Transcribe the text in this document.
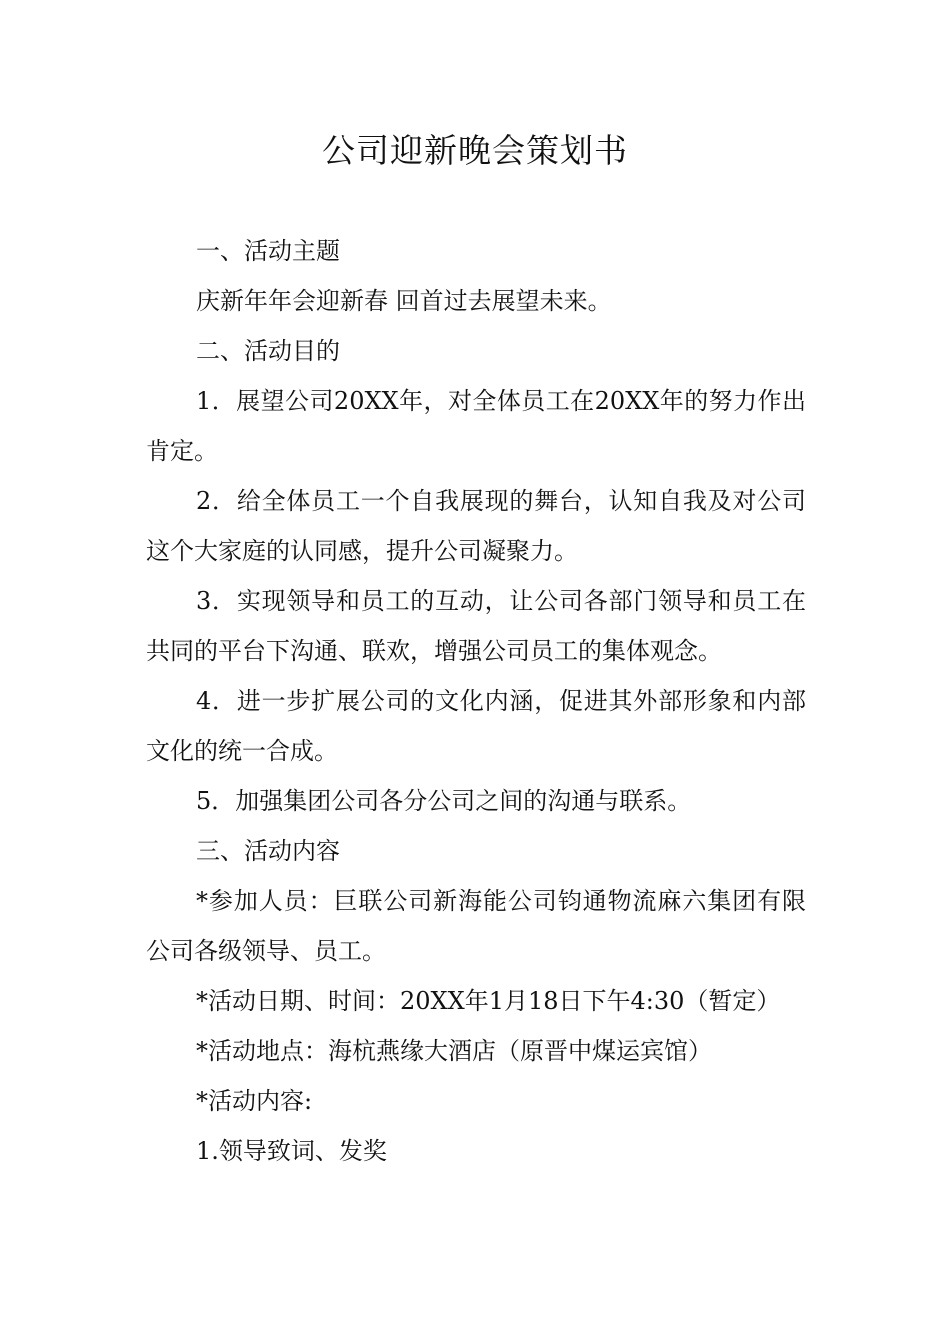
公司迎新晚会策划书

一、活动主题

庆新年年会迎新春 回首过去展望未来。

二、活动目的

1．展望公司20XX年，对全体员工在20XX年的努力作出肯定。

2．给全体员工一个自我展现的舞台，认知自我及对公司这个大家庭的认同感，提升公司凝聚力。

3．实现领导和员工的互动，让公司各部门领导和员工在共同的平台下沟通、联欢，增强公司员工的集体观念。

4．进一步扩展公司的文化内涵，促进其外部形象和内部文化的统一合成。

5．加强集团公司各分公司之间的沟通与联系。

三、活动内容

*参加人员：巨联公司新海能公司钧通物流麻六集团有限公司各级领导、员工。

*活动日期、时间：20XX年1月18日下午4:30（暂定）

*活动地点：海杭燕缘大酒店（原晋中煤运宾馆）

*活动内容:

1.领导致词、发奖
